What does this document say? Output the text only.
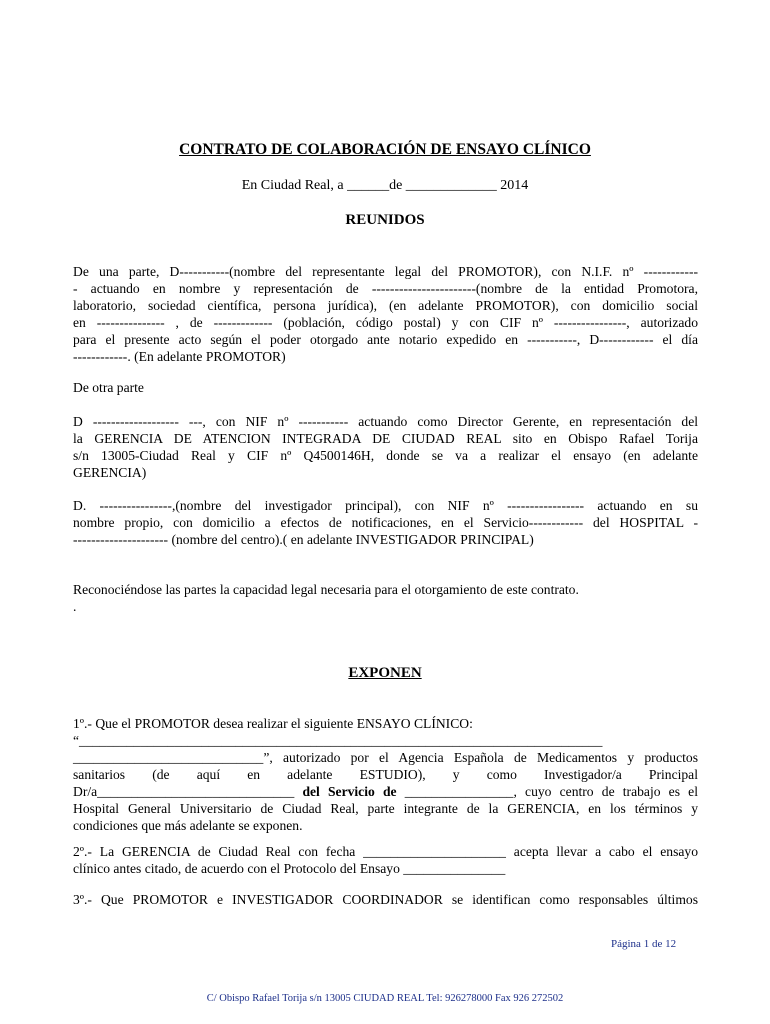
CONTRATO DE COLABORACIÓN DE ENSAYO CLÍNICO
En Ciudad Real, a ______de _____________ 2014
REUNIDOS
De una parte, D-----------(nombre del representante legal del PROMOTOR), con N.I.F. nº ------------
- actuando en nombre y representación de -----------------------(nombre de la entidad Promotora,
laboratorio, sociedad científica, persona jurídica), (en adelante PROMOTOR), con domicilio social
en --------------- , de ------------- (población, código postal) y con CIF nº ----------------, autorizado
para el presente acto según el poder otorgado ante notario expedido en -----------, D------------ el día
------------. (En adelante PROMOTOR)
De otra parte
D ------------------- ---, con NIF nº ----------- actuando como Director Gerente, en representación del
la GERENCIA DE ATENCION INTEGRADA DE CIUDAD REAL sito en Obispo Rafael Torija
s/n 13005-Ciudad Real y CIF nº Q4500146H, donde se va a realizar el ensayo (en adelante
GERENCIA)
D. ----------------,(nombre del investigador principal), con NIF nº ----------------- actuando en su
nombre propio, con domicilio a efectos de notificaciones, en el Servicio------------ del HOSPITAL -
--------------------- (nombre del centro).( en adelante INVESTIGADOR PRINCIPAL)
Reconociéndose las partes la capacidad legal necesaria para el otorgamiento de este contrato.
.
EXPONEN
1º.- Que el PROMOTOR desea realizar el siguiente ENSAYO CLÍNICO:
“_____________________________________________________________________________
____________________________”, autorizado por el Agencia Española de Medicamentos y productos
sanitarios (de aquí en adelante ESTUDIO), y como Investigador/a Principal
Dr/a_____________________________ del Servicio de ________________, cuyo centro de trabajo es el
Hospital General Universitario de Ciudad Real, parte integrante de la GERENCIA, en los términos y
condiciones que más adelante se exponen.
2º.- La GERENCIA de Ciudad Real con fecha _____________________ acepta llevar a cabo el ensayo
clínico antes citado, de acuerdo con el Protocolo del Ensayo _______________
3º.- Que PROMOTOR e INVESTIGADOR COORDINADOR se identifican como responsables últimos
Página 1 de 12
C/ Obispo Rafael Torija s/n 13005 CIUDAD REAL Tel: 926278000 Fax 926 272502
